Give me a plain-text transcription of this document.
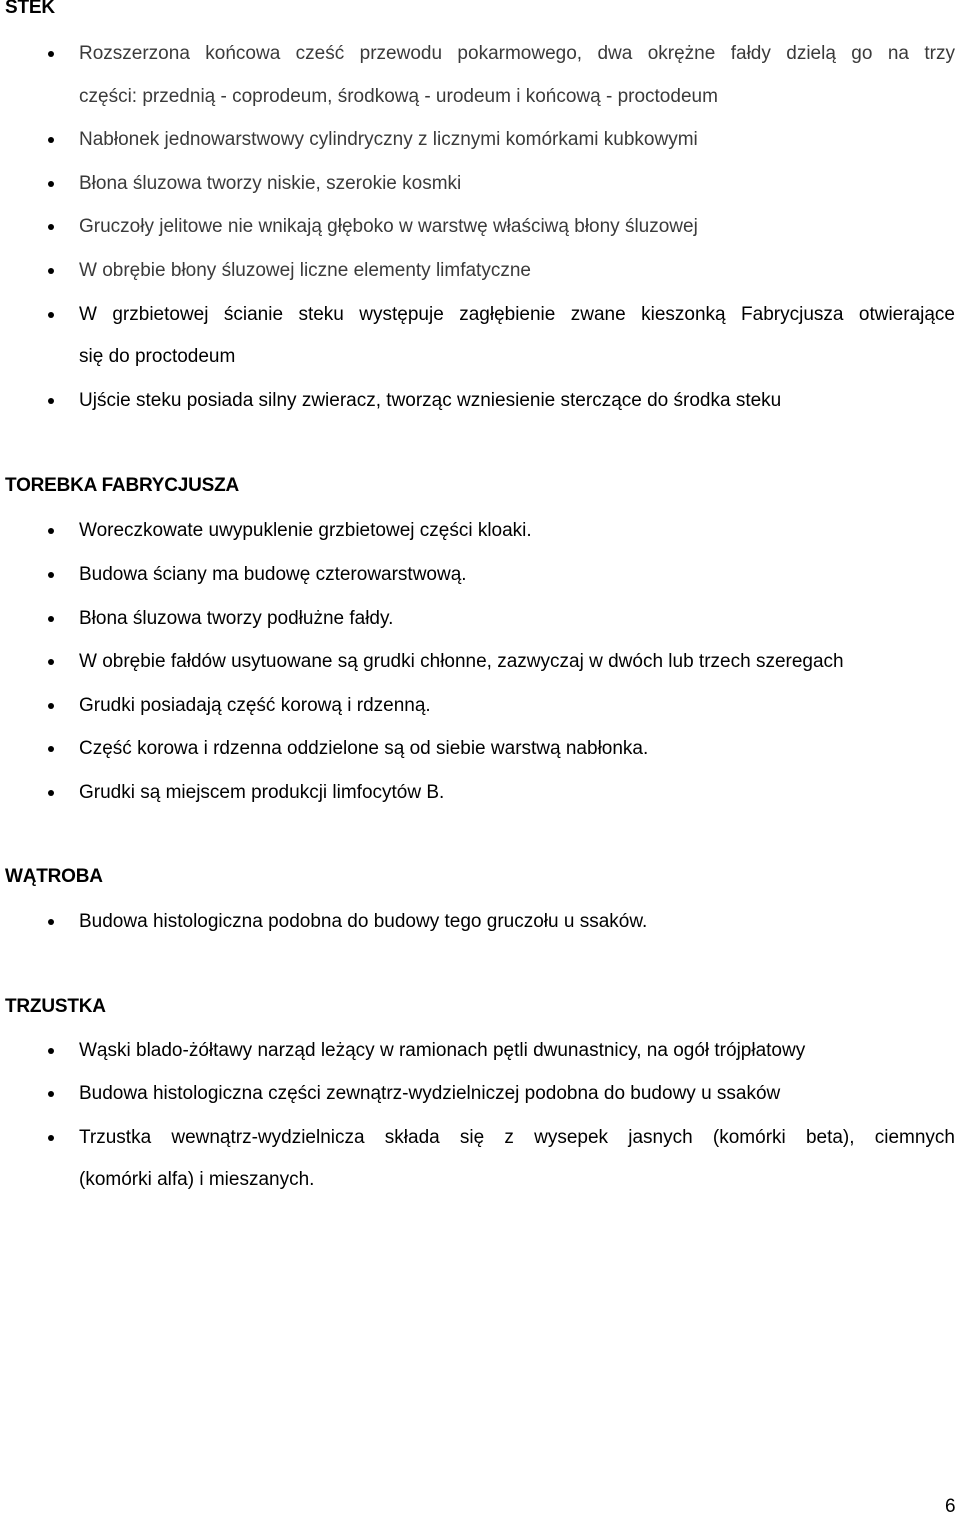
STEK

Rozszerzona końcowa cześć przewodu pokarmowego, dwa okrężne fałdy dzielą go na trzy

części: przednią - coprodeum, środkową - urodeum i końcową - proctodeum

Nabłonek jednowarstwowy cylindryczny z licznymi komórkami kubkowymi

Błona śluzowa tworzy niskie, szerokie kosmki

Gruczoły jelitowe nie wnikają głęboko w warstwę właściwą błony śluzowej

W obrębie błony śluzowej liczne elementy limfatyczne

W grzbietowej ścianie steku występuje zagłębienie zwane kieszonką Fabrycjusza otwierające

się do proctodeum

Ujście steku posiada silny zwieracz, tworząc wzniesienie sterczące do środka steku

TOREBKA FABRYCJUSZA

Woreczkowate uwypuklenie grzbietowej części kloaki.

Budowa ściany ma budowę czterowarstwową.

Błona śluzowa tworzy podłużne fałdy.

W obrębie fałdów usytuowane są grudki chłonne, zazwyczaj w dwóch lub trzech szeregach

Grudki posiadają część korową i rdzenną.

Część korowa i rdzenna oddzielone są od siebie warstwą nabłonka.

Grudki są miejscem produkcji limfocytów B.

WĄTROBA

Budowa histologiczna podobna do budowy tego gruczołu u ssaków.

TRZUSTKA

Wąski blado-żółtawy narząd leżący w ramionach pętli dwunastnicy, na ogół trójpłatowy

Budowa histologiczna części zewnątrz-wydzielniczej podobna do budowy u ssaków

Trzustka wewnątrz-wydzielnicza składa się z wysepek jasnych (komórki beta), ciemnych

(komórki alfa) i mieszanych.

6
